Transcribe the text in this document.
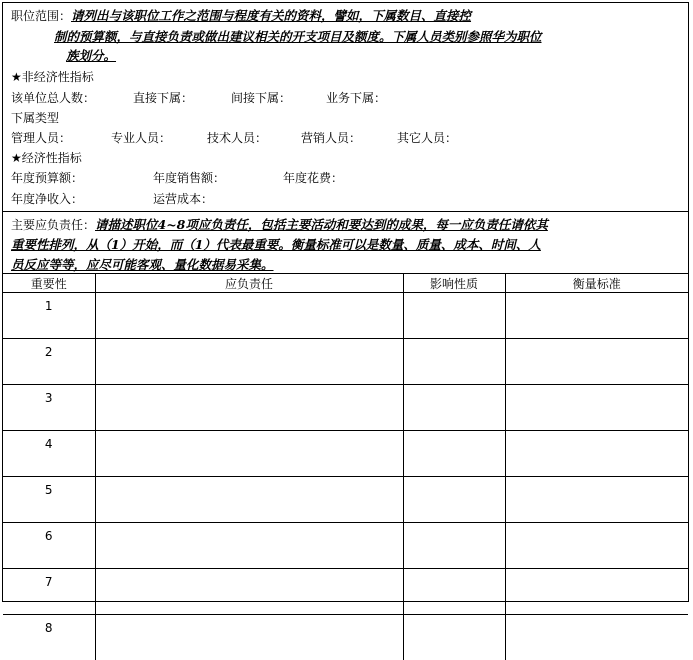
职位范围：请列出与该职位工作之范围与程度有关的资料，譬如，下属数目、直接控
制的预算额，与直接负责或做出建议相关的开支项目及额度。下属人员类别参照华为职位
族划分。
★非经济性指标
该单位总人数：	直接下属：	间接下属：	业务下属：
下属类型
管理人员：	专业人员：	技术人员：	营销人员：	其它人员：
★经济性指标
年度预算额：	年度销售额：	年度花费：
年度净收入：	运营成本：
主要应负责任：请描述职位4~8项应负责任，包括主要活动和要达到的成果，每一应负责任请依其
重要性排列，从（1）开始，而（1）代表最重要。衡量标准可以是数量、质量、成本、时间、人
员反应等等，应尽可能客观、量化数据易采集。
重要性	应负责任	影响性质	衡量标准
1			
2			
3			
4			
5			
6			
7			
8			
